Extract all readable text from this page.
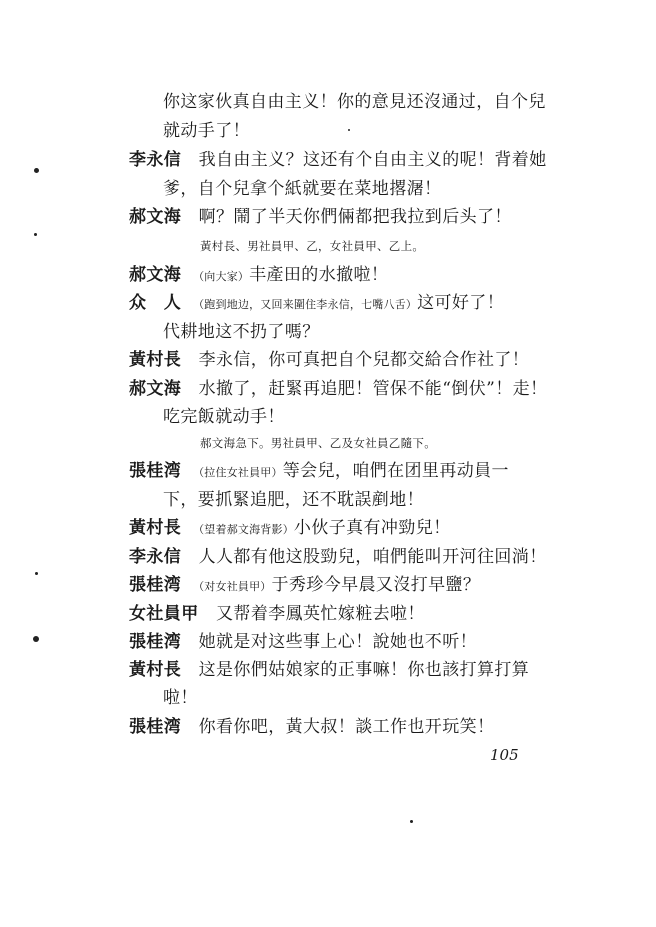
你这家伙真自由主义！你的意見还沒通过，自个兒
就动手了！
李永信　 我自由主义？这还有个自由主义的呢！背着她
爹，自个兒拿个紙就要在菜地撂潳！
郝文海　 啊？鬧了半天你們倆都把我拉到后头了！
黃村長、男社員甲、乙，女社員甲、乙上。
郝文海　 （向大家）丰產田的水撤啦！
众　人　 （跑到地边，又回来圍住李永信，七嘴八舌）这可好了！
代耕地这不扔了嗎？
黃村長　 李永信，你可真把自个兒都交給合作社了！
郝文海　 水撤了，赶緊再追肥！管保不能“倒伏”！走！
吃完飯就动手！
郝文海急下。男社員甲、乙及女社員乙隨下。
張桂湾　 （拉住女社員甲）等会兒，咱們在团里再动員一
下，要抓緊追肥，还不耽誤剷地！
黃村長　 （望着郝文海背影）小伙子真有冲勁兒！
李永信　 人人都有他这股勁兒，咱們能叫开河往回淌！
張桂湾　 （对女社員甲）于秀珍今早晨又沒打早鹽？
女社員甲　 又帮着李鳳英忙嫁粧去啦！
張桂湾　 她就是对这些事上心！說她也不听！
黃村長　 这是你們姑娘家的正事嘛！你也該打算打算
啦！
張桂湾　 你看你吧，黃大叔！談工作也开玩笑！
105
